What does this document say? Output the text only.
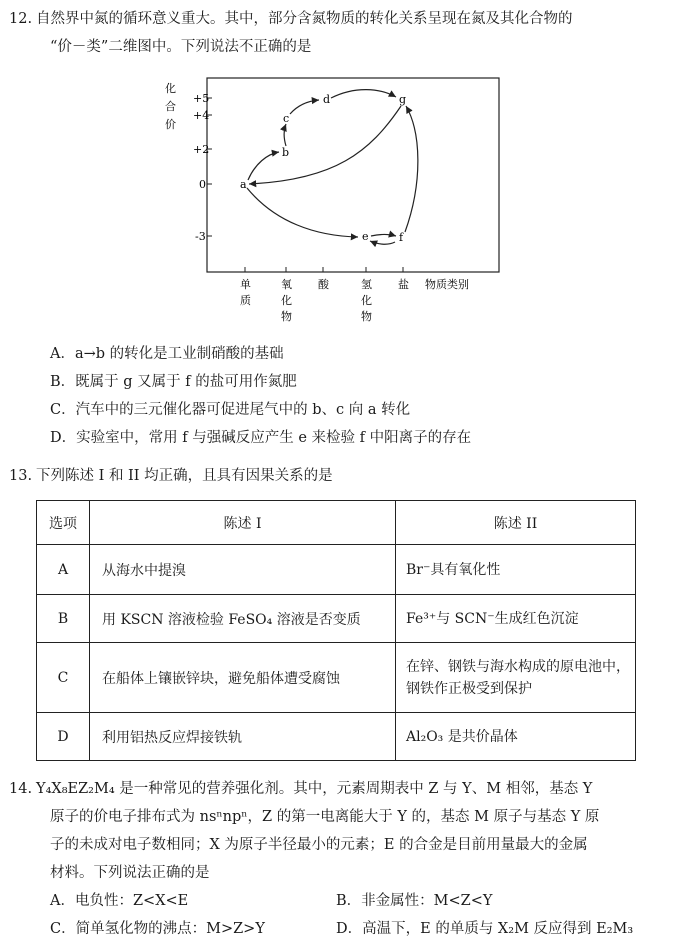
12. 自然界中氮的循环意义重大。其中，部分含氮物质的转化关系呈现在氮及其化合物的
“价－类”二维图中。下列说法不正确的是
化
合
价
+5
+4
+2
0
-3
a
b
c
d	g
e	f
单
质
氧
化
物
酸	氢
化
物
盐 物质类别
A．a→b 的转化是工业制硝酸的基础
B．既属于 g 又属于 f 的盐可用作氮肥
C．汽车中的三元催化器可促进尾气中的 b、c 向 a 转化
D．实验室中，常用 f 与强碱反应产生 e 来检验 f 中阳离子的存在
13. 下列陈述 I 和 II 均正确，且具有因果关系的是
选项	陈述 I	陈述 II
A	从海水中提溴	Br⁻具有氧化性
B	用 KSCN 溶液检验 FeSO₄ 溶液是否变质	Fe³⁺与 SCN⁻生成红色沉淀
C	在船体上镶嵌锌块，避免船体遭受腐蚀	在锌、钢铁与海水构成的原电池中，钢铁作正极受到保护
D	利用铝热反应焊接铁轨	Al₂O₃ 是共价晶体
14. Y₄X₈EZ₂M₄ 是一种常见的营养强化剂。其中，元素周期表中 Z 与 Y、M 相邻，基态 Y
原子的价电子排布式为 nsⁿnpⁿ，Z 的第一电离能大于 Y 的，基态 M 原子与基态 Y 原
子的未成对电子数相同；X 为原子半径最小的元素；E 的合金是目前用量最大的金属
材料。下列说法正确的是
A．电负性：Z<X<E	B．非金属性：M<Z<Y
C．简单氢化物的沸点：M>Z>Y	D．高温下，E 的单质与 X₂M 反应得到 E₂M₃
